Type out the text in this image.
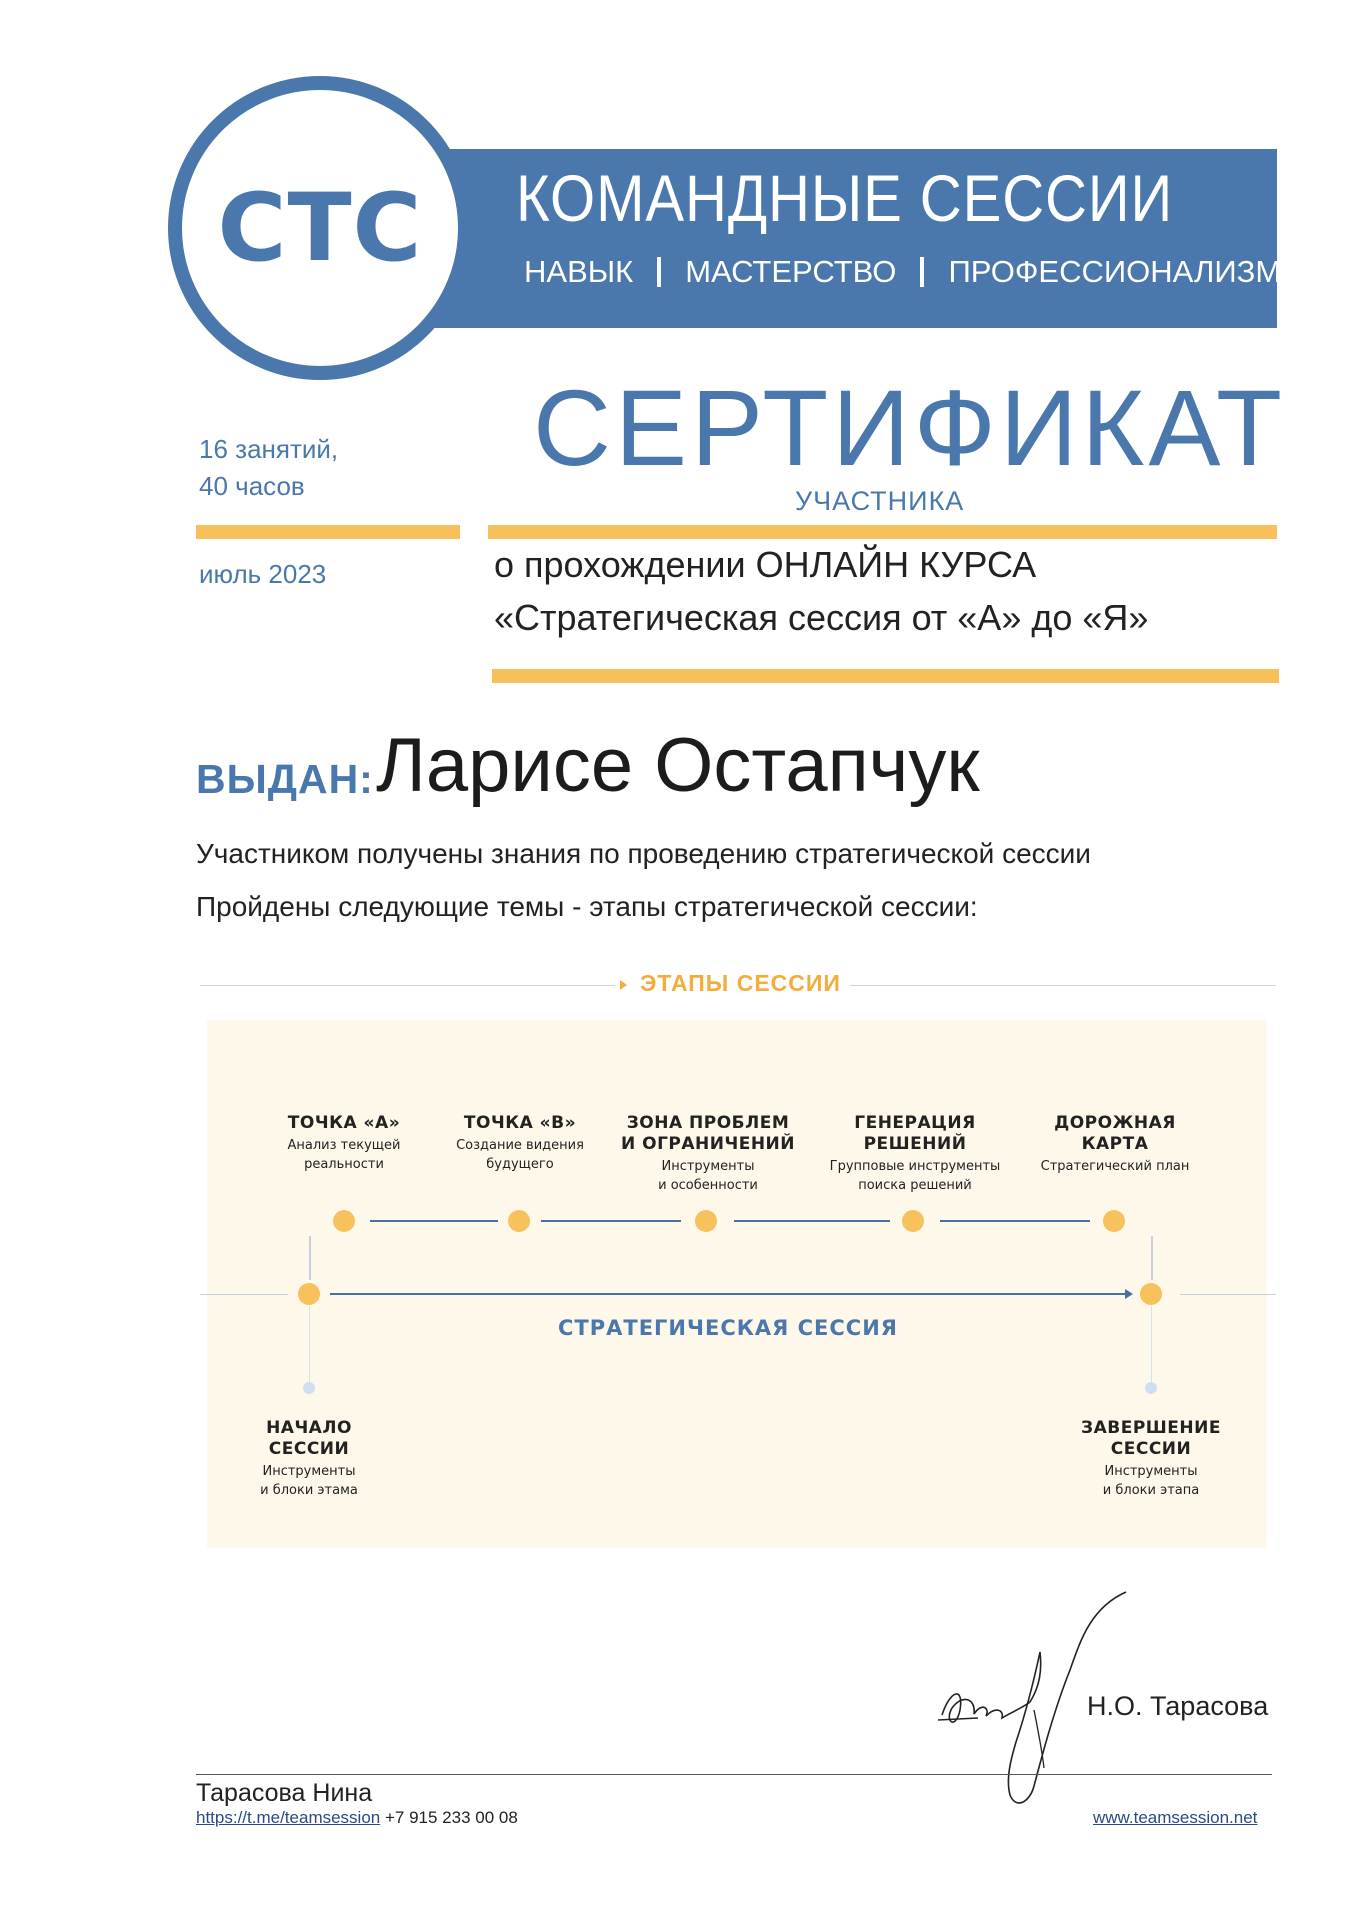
КОМАНДНЫЕ СЕССИИ
НАВЫК МАСТЕРСТВО ПРОФЕССИОНАЛИЗМ
СТС
СЕРТИФИКАТ
УЧАСТНИКА
16 занятий,
40 часов
июль 2023	о прохождении ОНЛАЙН КУРСА
«Стратегическая сессия от «А» до «Я»
ВЫДАН: Ларисе Остапчук
Участником получены знания по проведению стратегической сессии
Пройдены следующие темы - этапы стратегической сессии:
ЭТАПЫ СЕССИИ
ТОЧКА «А»
Анализ текущей
реальности
ТОЧКА «В»
Создание видения
будущего
ЗОНА ПРОБЛЕМ
И ОГРАНИЧЕНИЙ
Инструменты
и особенности
ГЕНЕРАЦИЯ
РЕШЕНИЙ
Групповые инструменты
поиска решений
ДОРОЖНАЯ
КАРТА
Стратегический план
СТРАТЕГИЧЕСКАЯ СЕССИЯ
НАЧАЛО
СЕССИИ
Инструменты
и блоки этама
ЗАВЕРШЕНИЕ
СЕССИИ
Инструменты
и блоки этапа
Н.О. Тарасова
Тарасова Нина
https://t.me/teamsession +7 915 233 00 08	www.teamsession.net
